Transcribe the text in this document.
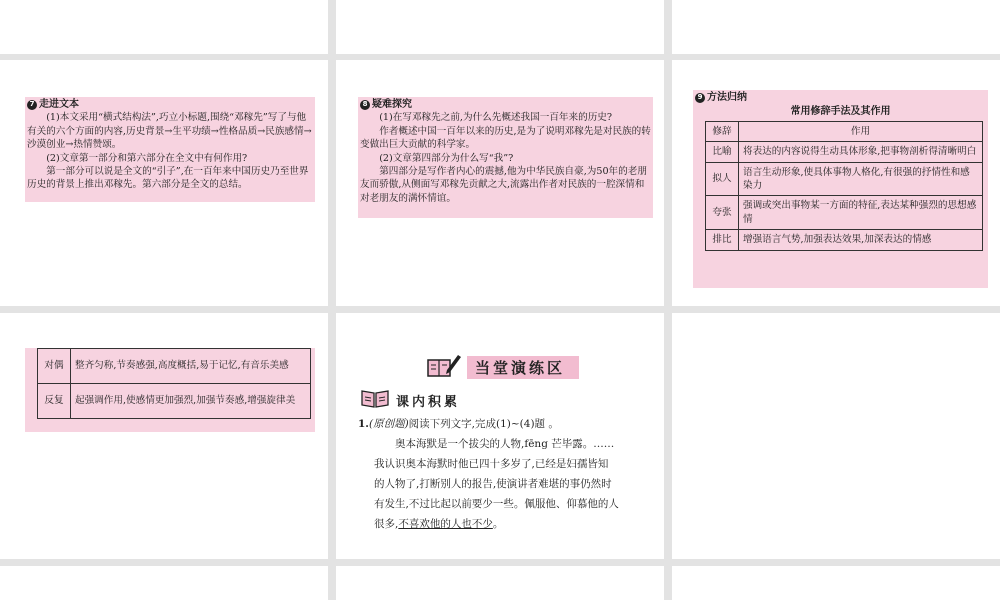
7 走进文本

(1)本文采用“横式结构法”,巧立小标题,围绕“邓稼先”写了与他有关的六个方面的内容,历史背景→生平功绩→性格品质→民族感情→沙漠创业→热情赞颂。

(2)文章第一部分和第六部分在全文中有何作用?

第一部分可以说是全文的“引子”,在一百年来中国历史乃至世界历史的背景上推出邓稼先。第六部分是全文的总结。

8 疑难探究

(1)在写邓稼先之前,为什么先概述我国一百年来的历史?

作者概述中国一百年以来的历史,是为了说明邓稼先是对民族的转变做出巨大贡献的科学家。

(2)文章第四部分为什么写“我”?

第四部分是写作者内心的震撼,他为中华民族自豪,为50年的老朋友而骄傲,从侧面写邓稼先贡献之大,流露出作者对民族的一腔深情和对老朋友的满怀情谊。

9 方法归纳
常用修辞手法及其作用
修辞	作用
比喻	将表达的内容说得生动具体形象,把事物剖析得清晰明白
拟人	语言生动形象,使具体事物人格化,有很强的抒情性和感染力
夸张	强调或突出事物某一方面的特征,表达某种强烈的思想感情
排比	增强语言气势,加强表达效果,加深表达的情感
对偶	整齐匀称,节奏感强,高度概括,易于记忆,有音乐美感
反复	起强调作用,使感情更加强烈,加强节奏感,增强旋律美
当堂演练区
课内积累
1.(原创题)阅读下列文字,完成(1)~(4)题 。
奥本海默是一个拔尖的人物,fēng 芒毕露。……
我认识奥本海默时他已四十多岁了,已经是妇孺皆知
的人物了,打断别人的报告,使演讲者难堪的事仍然时
有发生,不过比起以前要少一些。佩服他、仰慕他的人
很多,不喜欢他的人也不少。
